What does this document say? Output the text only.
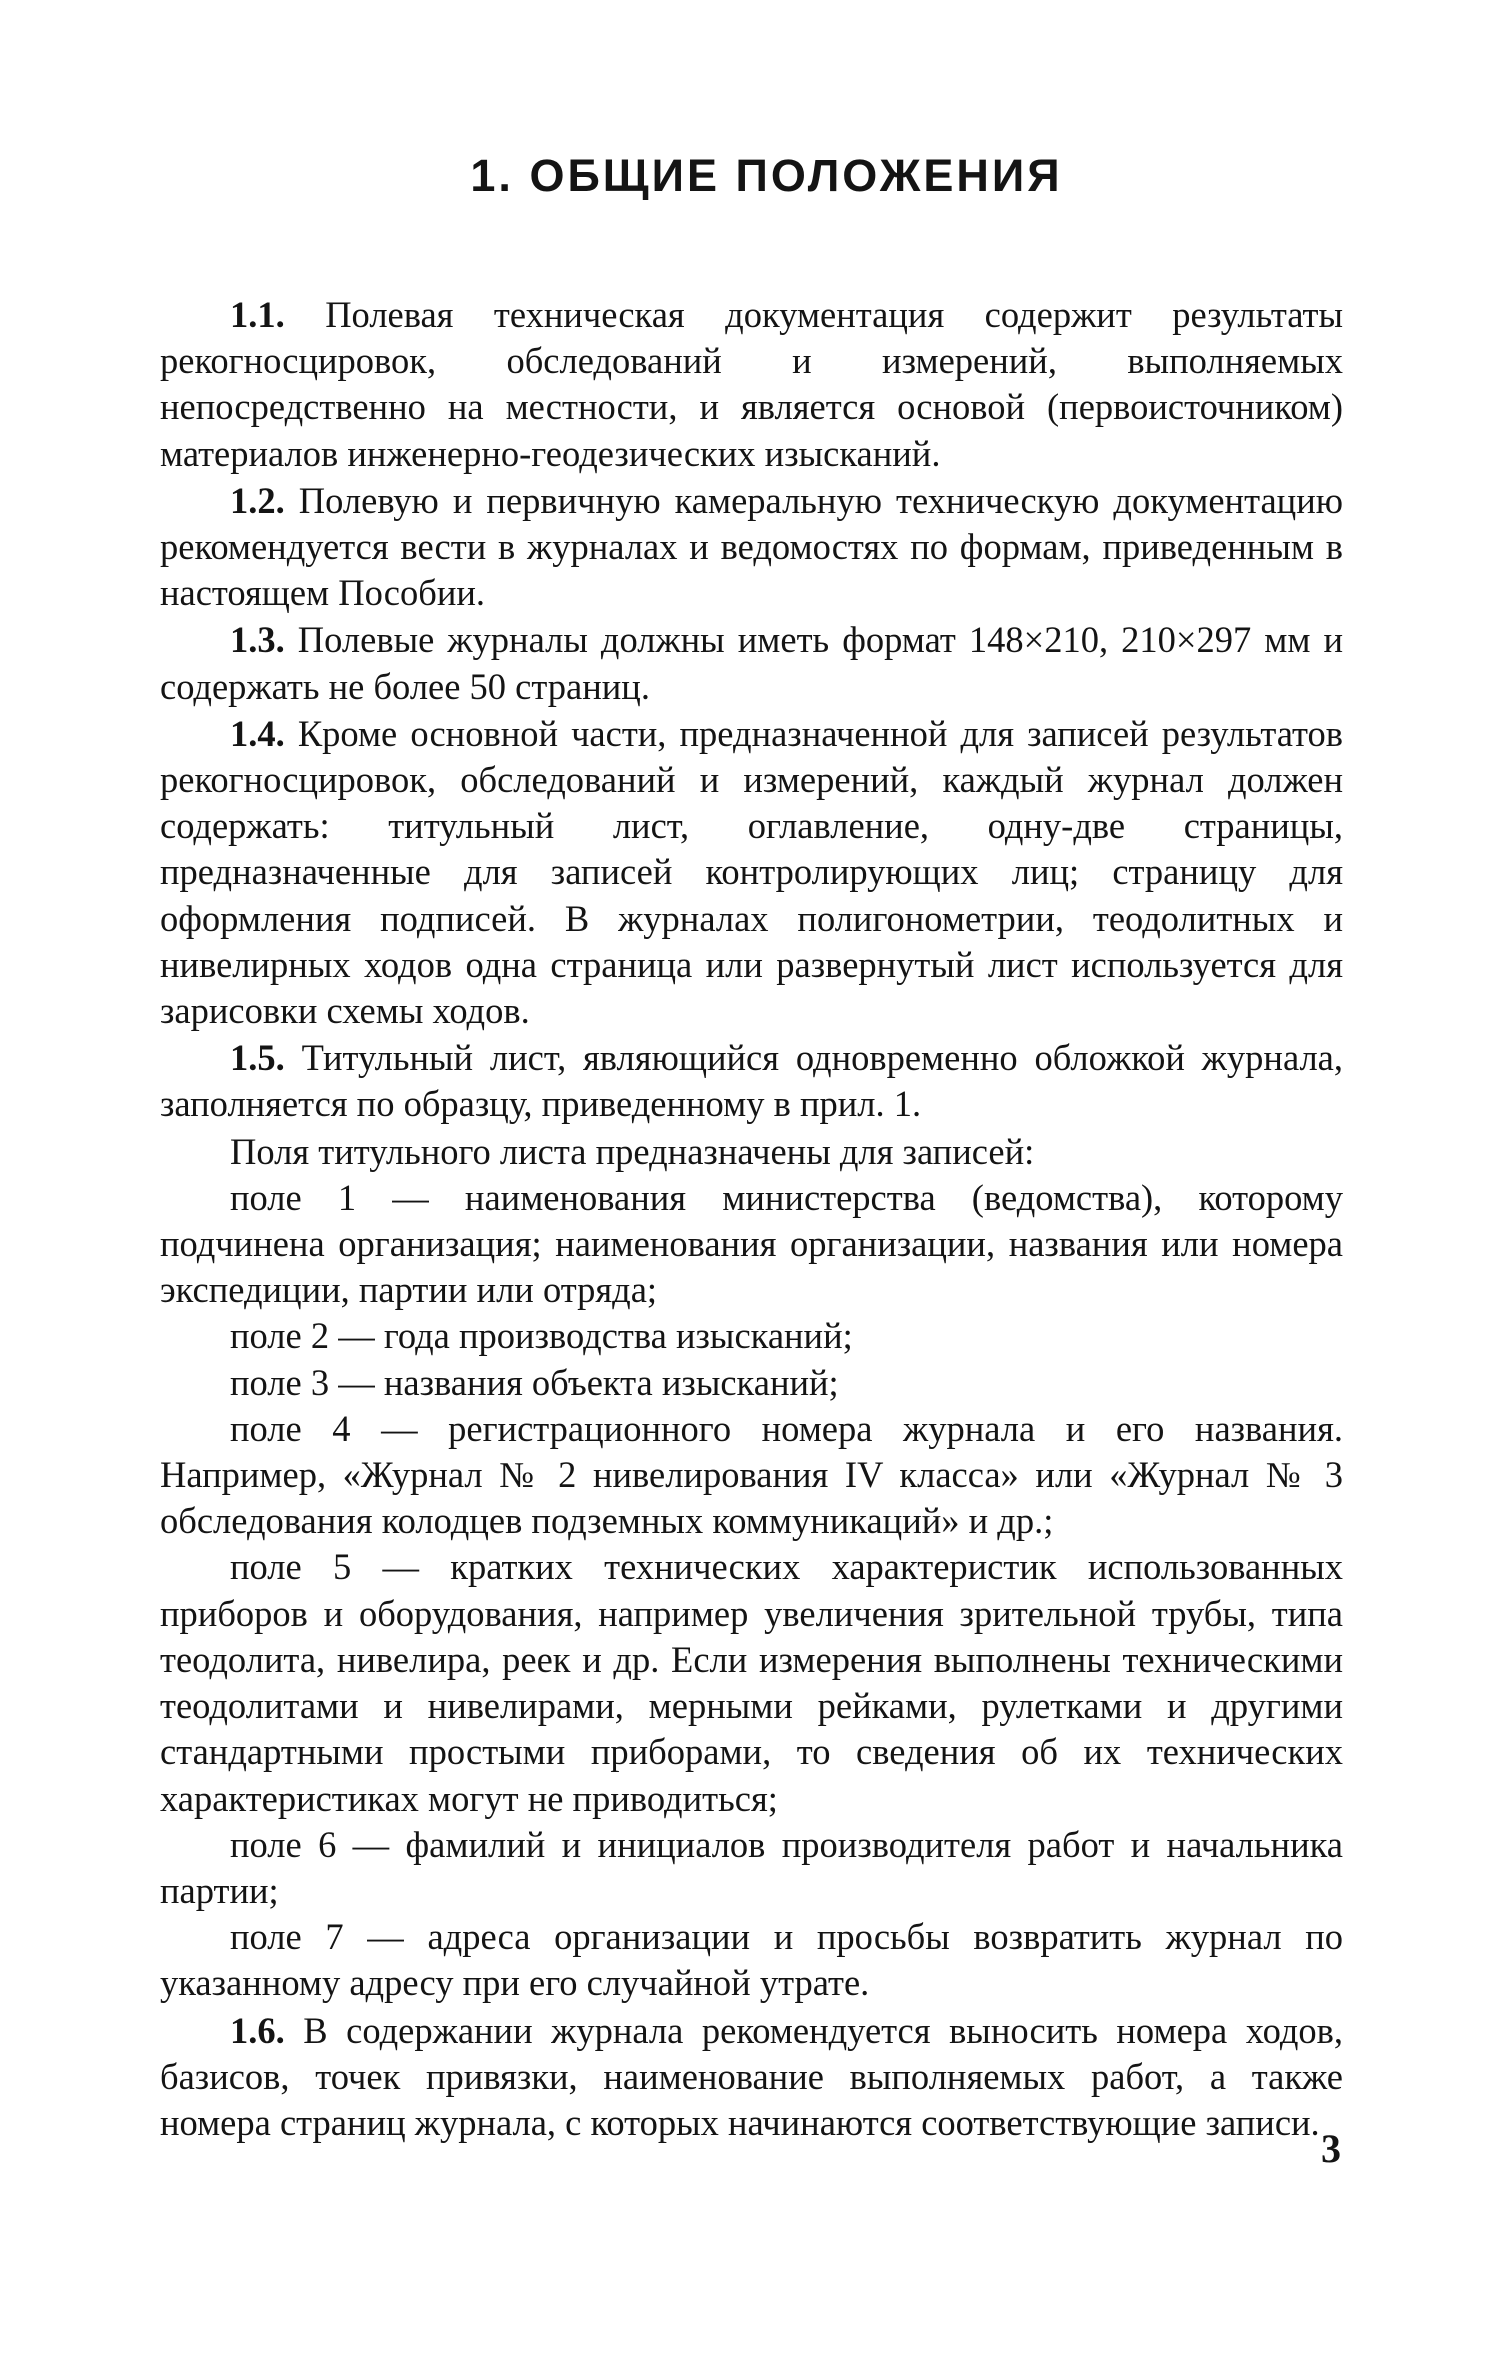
1. ОБЩИЕ ПОЛОЖЕНИЯ

1.1. Полевая техническая документация содержит результаты рекогносцировок, обследований и измерений, выполняемых непосредственно на местности, и является основой (первоисточником) материалов инженерно-геодезических изысканий.

1.2. Полевую и первичную камеральную техническую документацию рекомендуется вести в журналах и ведомостях по формам, приведенным в настоящем Пособии.

1.3. Полевые журналы должны иметь формат 148×210, 210×297 мм и содержать не более 50 страниц.

1.4. Кроме основной части, предназначенной для записей результатов рекогносцировок, обследований и измерений, каждый журнал должен содержать: титульный лист, оглавление, одну-две страницы, предназначенные для записей контролирующих лиц; страницу для оформления подписей. В журналах полигонометрии, теодолитных и нивелирных ходов одна страница или развернутый лист используется для зарисовки схемы ходов.

1.5. Титульный лист, являющийся одновременно обложкой журнала, заполняется по образцу, приведенному в прил. 1.

Поля титульного листа предназначены для записей:

поле 1 — наименования министерства (ведомства), которому подчинена организация; наименования организации, названия или номера экспедиции, партии или отряда;

поле 2 — года производства изысканий;

поле 3 — названия объекта изысканий;

поле 4 — регистрационного номера журнала и его названия. Например, «Журнал № 2 нивелирования IV класса» или «Журнал № 3 обследования колодцев подземных коммуникаций» и др.;

поле 5 — кратких технических характеристик использованных приборов и оборудования, например увеличения зрительной трубы, типа теодолита, нивелира, реек и др. Если измерения выполнены техническими теодолитами и нивелирами, мерными рейками, рулетками и другими стандартными простыми приборами, то сведения об их технических характеристиках могут не приводиться;

поле 6 — фамилий и инициалов производителя работ и начальника партии;

поле 7 — адреса организации и просьбы возвратить журнал по указанному адресу при его случайной утрате.

1.6. В содержании журнала рекомендуется выносить номера ходов, базисов, точек привязки, наименование выполняемых работ, а также номера страниц журнала, с которых начинаются соответствующие записи.

3
